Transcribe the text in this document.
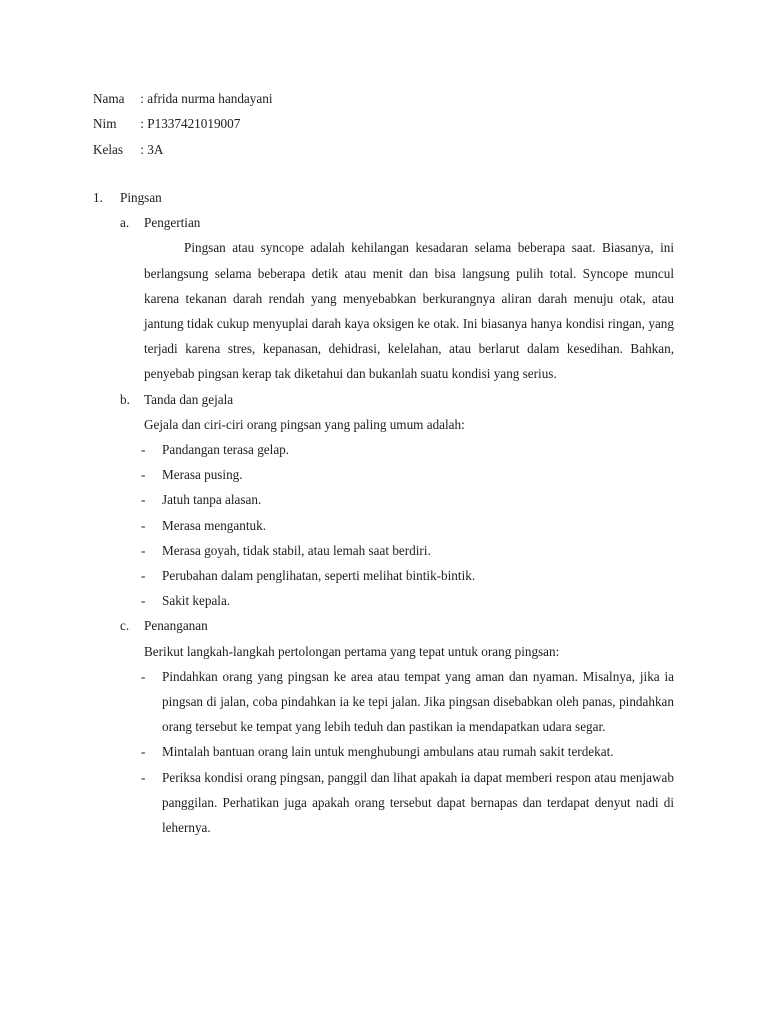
Nama : afrida nurma handayani
Nim : P1337421019007
Kelas : 3A
1. Pingsan
a. Pengertian

Pingsan atau syncope adalah kehilangan kesadaran selama beberapa saat. Biasanya, ini berlangsung selama beberapa detik atau menit dan bisa langsung pulih total. Syncope muncul karena tekanan darah rendah yang menyebabkan berkurangnya aliran darah menuju otak, atau jantung tidak cukup menyuplai darah kaya oksigen ke otak. Ini biasanya hanya kondisi ringan, yang terjadi karena stres, kepanasan, dehidrasi, kelelahan, atau berlarut dalam kesedihan. Bahkan, penyebab pingsan kerap tak diketahui dan bukanlah suatu kondisi yang serius.

b. Tanda dan gejala
Gejala dan ciri-ciri orang pingsan yang paling umum adalah:
-	Pandangan terasa gelap.
-	Merasa pusing.
-	Jatuh tanpa alasan.
-	Merasa mengantuk.
-	Merasa goyah, tidak stabil, atau lemah saat berdiri.
-	Perubahan dalam penglihatan, seperti melihat bintik-bintik.
-	Sakit kepala.
c. Penanganan
Berikut langkah-langkah pertolongan pertama yang tepat untuk orang pingsan:
-	Pindahkan orang yang pingsan ke area atau tempat yang aman dan nyaman. Misalnya, jika ia pingsan di jalan, coba pindahkan ia ke tepi jalan. Jika pingsan disebabkan oleh panas, pindahkan orang tersebut ke tempat yang lebih teduh dan pastikan ia mendapatkan udara segar.
-	Mintalah bantuan orang lain untuk menghubungi ambulans atau rumah sakit terdekat.
-	Periksa kondisi orang pingsan, panggil dan lihat apakah ia dapat memberi respon atau menjawab panggilan. Perhatikan juga apakah orang tersebut dapat bernapas dan terdapat denyut nadi di lehernya.
